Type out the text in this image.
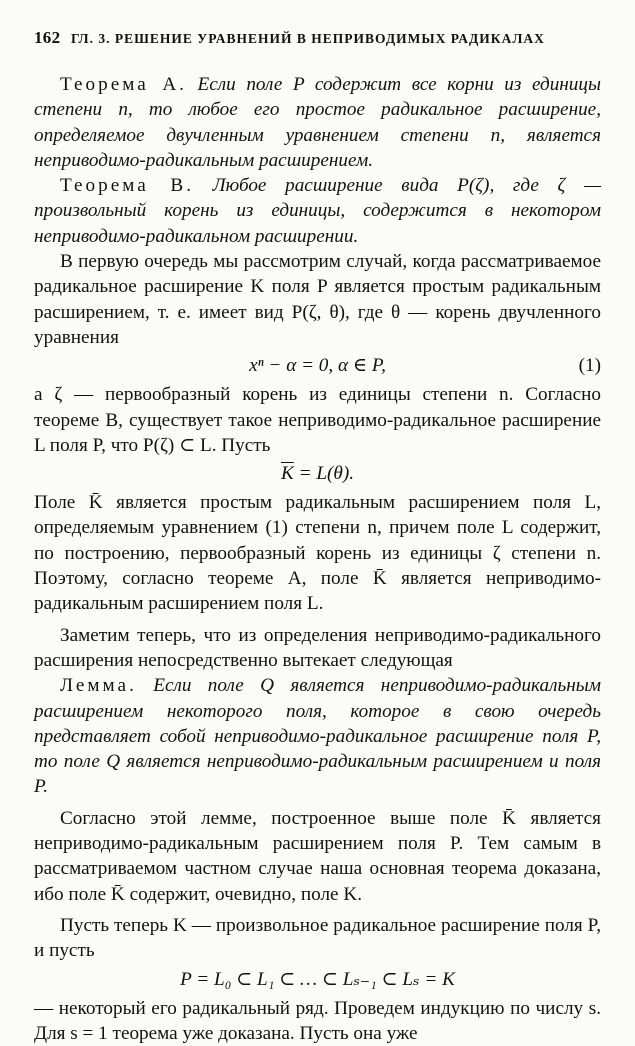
162 ГЛ. 3. РЕШЕНИЕ УРАВНЕНИЙ В НЕПРИВОДИМЫХ РАДИКАЛАХ

Теорема А. Если поле P содержит все корни из единицы степени n, то любое его простое радикальное расширение, определяемое двучленным уравнением степени n, является неприводимо-радикальным расширением.

Теорема В. Любое расширение вида P(ζ), где ζ — произвольный корень из единицы, содержится в некотором неприводимо-радикальном расширении.

В первую очередь мы рассмотрим случай, когда рассматриваемое радикальное расширение K поля P является простым радикальным расширением, т. е. имеет вид P(ζ, θ), где θ — корень двучленного уравнения

xⁿ − α = 0, α ∈ P,	(1)

а ζ — первообразный корень из единицы степени n. Согласно теореме В, существует такое неприводимо-радикальное расширение L поля P, что P(ζ) ⊂ L. Пусть

$\overline{K} = L(\theta)$.

Поле K̄ является простым радикальным расширением поля L, определяемым уравнением (1) степени n, причем поле L содержит, по построению, первообразный корень из единицы ζ степени n. Поэтому, согласно теореме А, поле K̄ является неприводимо-радикальным расширением поля L.

Заметим теперь, что из определения неприводимо-радикального расширения непосредственно вытекает следующая

Лемма. Если поле Q является неприводимо-радикальным расширением некоторого поля, которое в свою очередь представляет собой неприводимо-радикальное расширение поля P, то поле Q является неприводимо-радикальным расширением и поля P.

Согласно этой лемме, построенное выше поле K̄ является неприводимо-радикальным расширением поля P. Тем самым в рассматриваемом частном случае наша основная теорема доказана, ибо поле K̄ содержит, очевидно, поле K.

Пусть теперь K — произвольное радикальное расширение поля P, и пусть

P = L₀ ⊂ L₁ ⊂ … ⊂ Lₛ₋₁ ⊂ Lₛ = K

— некоторый его радикальный ряд. Проведем индукцию по числу s. Для s = 1 теорема уже доказана. Пусть она уже
